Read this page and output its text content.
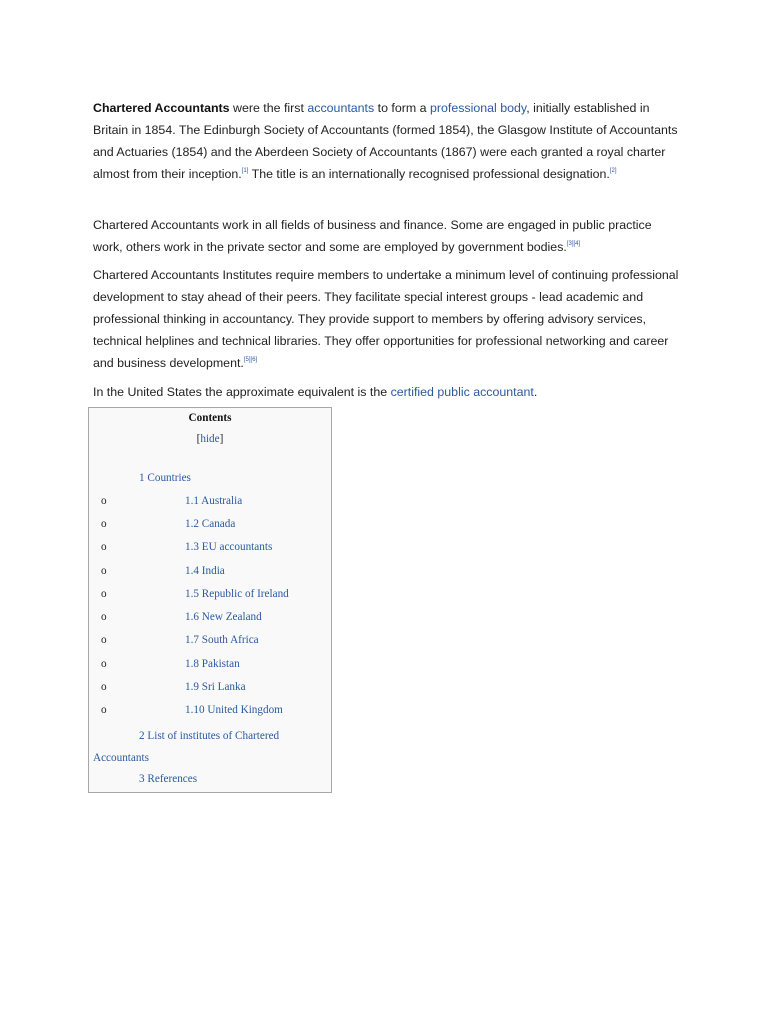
Chartered Accountants were the first accountants to form a professional body, initially established in Britain in 1854. The Edinburgh Society of Accountants (formed 1854), the Glasgow Institute of Accountants and Actuaries (1854) and the Aberdeen Society of Accountants (1867) were each granted a royal charter almost from their inception.[1] The title is an internationally recognised professional designation.[2]

Chartered Accountants work in all fields of business and finance. Some are engaged in public practice work, others work in the private sector and some are employed by government bodies.[3][4]

Chartered Accountants Institutes require members to undertake a minimum level of continuing professional development to stay ahead of their peers. They facilitate special interest groups - lead academic and professional thinking in accountancy. They provide support to members by offering advisory services, technical helplines and technical libraries. They offer opportunities for professional networking and career and business development.[5][6]

In the United States the approximate equivalent is the certified public accountant.

Contents
[hide]
1 Countries
o	1.1 Australia
o	1.2 Canada
o	1.3 EU accountants
o	1.4 India
o	1.5 Republic of Ireland
o	1.6 New Zealand
o	1.7 South Africa
o	1.8 Pakistan
o	1.9 Sri Lanka
o	1.10 United Kingdom
2 List of institutes of Chartered Accountants
3 References
